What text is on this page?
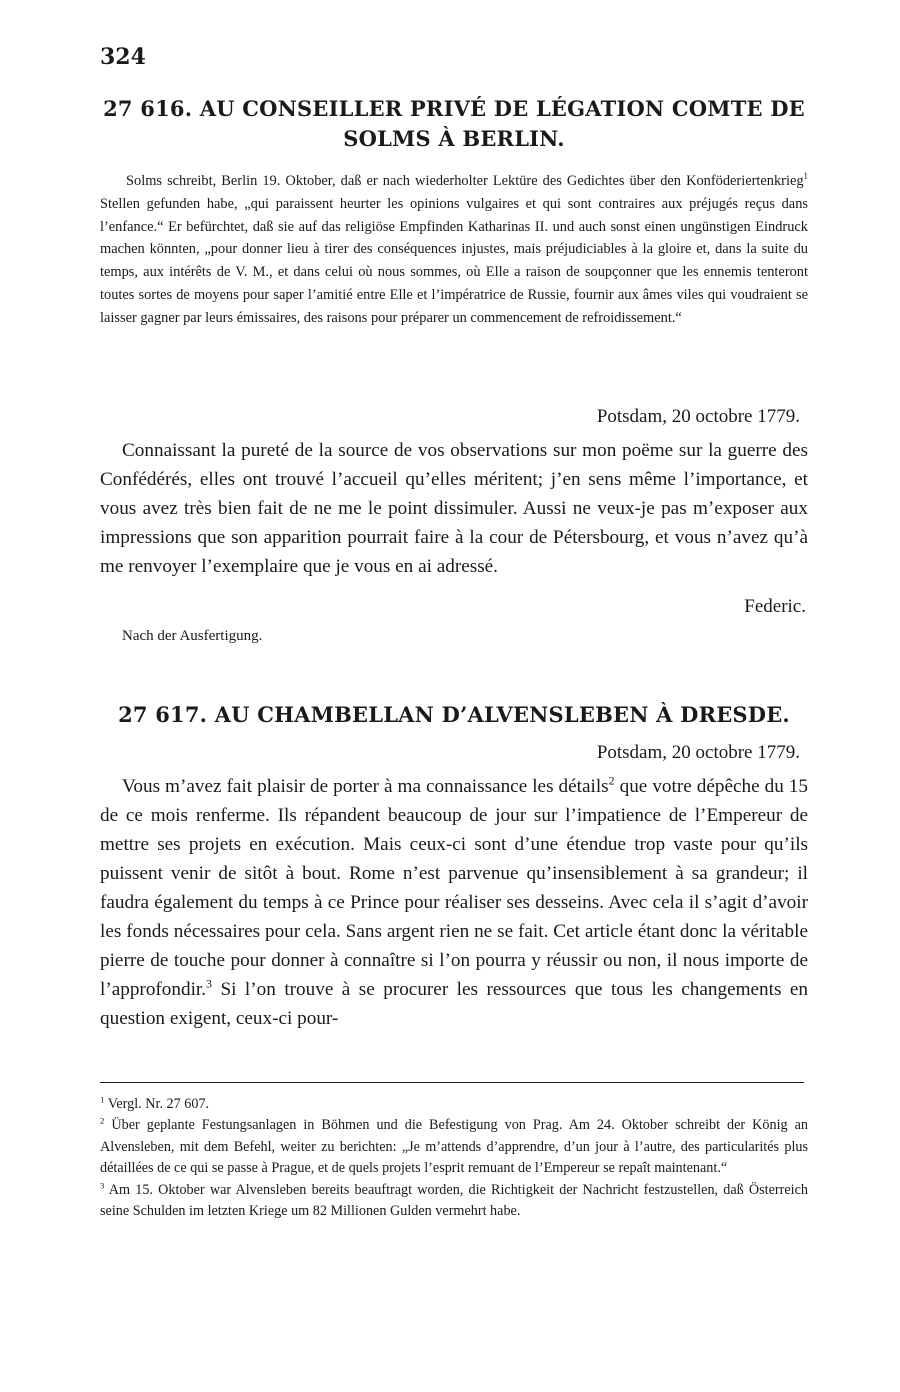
324
27 616. AU CONSEILLER PRIVÉ DE LÉGATION COMTE DE
SOLMS À BERLIN.

Solms schreibt, Berlin 19. Oktober, daß er nach wiederholter Lektüre des Gedichtes über den Konföderiertenkrieg$^1$ Stellen gefunden habe, „qui paraissent heurter les opinions vulgaires et qui sont contraires aux préjugés reçus dans l’enfance.“ Er befürchtet, daß sie auf das religiöse Empfinden Katharinas II. und auch sonst einen ungünstigen Eindruck machen könnten, „pour donner lieu à tirer des conséquences injustes, mais préjudiciables à la gloire et, dans la suite du temps, aux intérêts de V. M., et dans celui où nous sommes, où Elle a raison de soupçonner que les ennemis tenteront toutes sortes de moyens pour saper l’amitié entre Elle et l’impératrice de Russie, fournir aux âmes viles qui voudraient se laisser gagner par leurs émissaires, des raisons pour préparer un commencement de refroidissement.“

Potsdam, 20 octobre 1779.

Connaissant la pureté de la source de vos observations sur mon poëme sur la guerre des Confédérés, elles ont trouvé l’accueil qu’elles méritent; j’en sens même l’importance, et vous avez très bien fait de ne me le point dissimuler. Aussi ne veux-je pas m’exposer aux impressions que son apparition pourrait faire à la cour de Pétersbourg, et vous n’avez qu’à me renvoyer l’exemplaire que je vous en ai adressé.

Federic.
Nach der Ausfertigung.
27 617. AU CHAMBELLAN D’ALVENSLEBEN À DRESDE.
Potsdam, 20 octobre 1779.

Vous m’avez fait plaisir de porter à ma connaissance les détails$^2$ que votre dépêche du 15 de ce mois renferme. Ils répandent beaucoup de jour sur l’impatience de l’Empereur de mettre ses projets en exécution. Mais ceux-ci sont d’une étendue trop vaste pour qu’ils puissent venir de sitôt à bout. Rome n’est parvenue qu’insensiblement à sa grandeur; il faudra également du temps à ce Prince pour réaliser ses desseins. Avec cela il s’agit d’avoir les fonds nécessaires pour cela. Sans argent rien ne se fait. Cet article étant donc la véritable pierre de touche pour donner à connaître si l’on pourra y réussir ou non, il nous importe de l’approfondir.$^3$ Si l’on trouve à se procurer les ressources que tous les changements en question exigent, ceux-ci pour-

$^1$ Vergl. Nr. 27 607.

$^2$ Über geplante Festungsanlagen in Böhmen und die Befestigung von Prag. Am 24. Oktober schreibt der König an Alvensleben, mit dem Befehl, weiter zu berichten: „Je m’attends d’apprendre, d’un jour à l’autre, des particularités plus détaillées de ce qui se passe à Prague, et de quels projets l’esprit remuant de l’Empereur se repaît maintenant.“

$^3$ Am 15. Oktober war Alvensleben bereits beauftragt worden, die Richtigkeit der Nachricht festzustellen, daß Österreich seine Schulden im letzten Kriege um 82 Millionen Gulden vermehrt habe.
